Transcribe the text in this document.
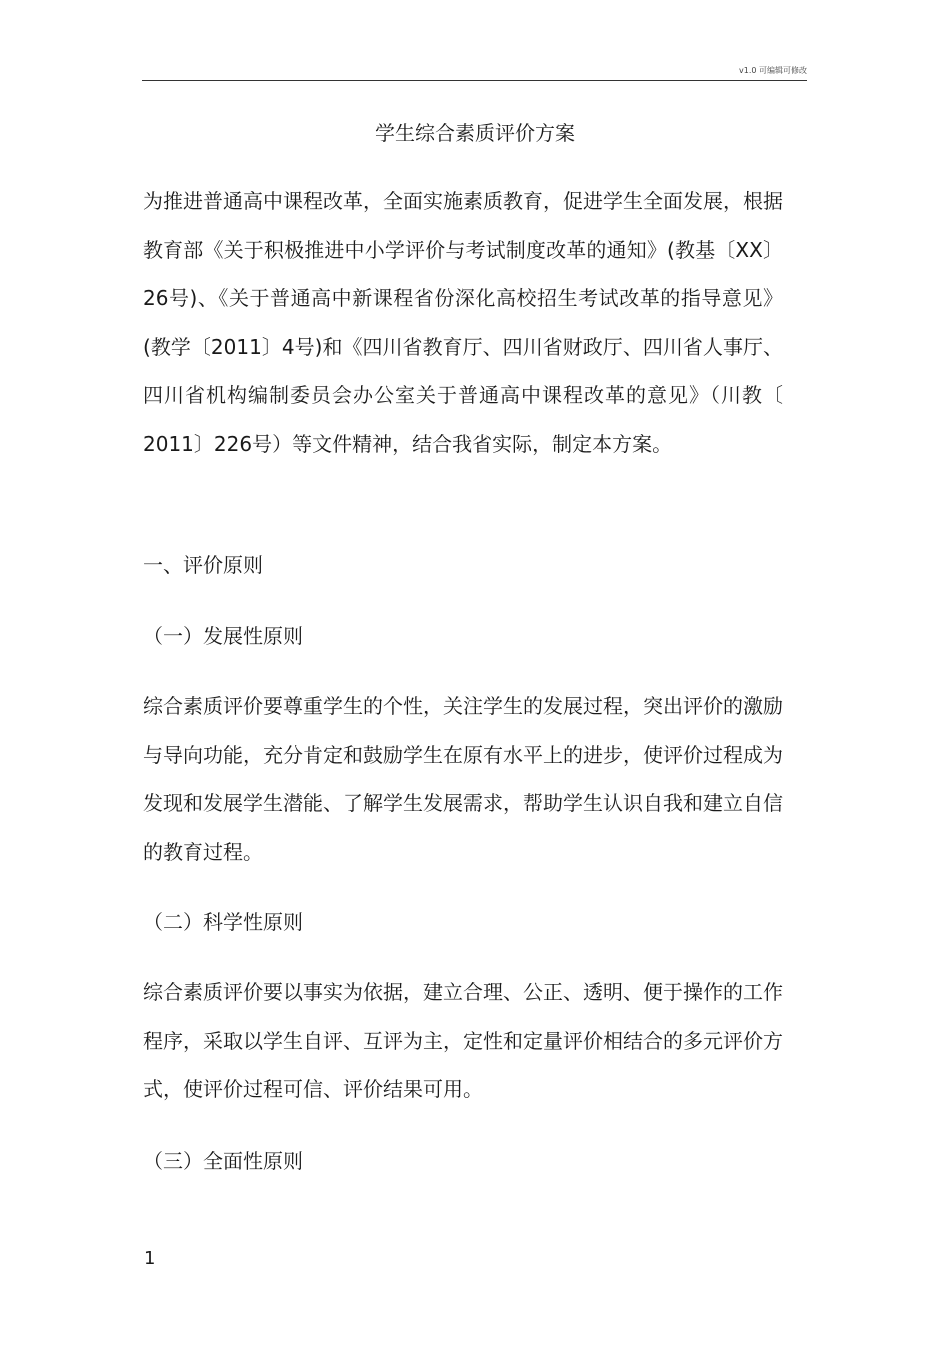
v1.0 可编辑可修改
学生综合素质评价方案

为推进普通高中课程改革，全面实施素质教育，促进学生全面发展，根据教育部《关于积极推进中小学评价与考试制度改革的通知》(教基〔XX〕26号)、《关于普通高中新课程省份深化高校招生考试改革的指导意见》 (教学〔2011〕4号)和《四川省教育厅、四川省财政厅、四川省人事厅、四川省机构编制委员会办公室关于普通高中课程改革的意见》（川教〔 2011〕226号）等文件精神，结合我省实际，制定本方案。

一、评价原则

（一）发展性原则

综合素质评价要尊重学生的个性，关注学生的发展过程，突出评价的激励与导向功能，充分肯定和鼓励学生在原有水平上的进步，使评价过程成为发现和发展学生潜能、了解学生发展需求，帮助学生认识自我和建立自信的教育过程。

（二）科学性原则

综合素质评价要以事实为依据，建立合理、公正、透明、便于操作的工作程序，采取以学生自评、互评为主，定性和定量评价相结合的多元评价方式，使评价过程可信、评价结果可用。

（三）全面性原则

1
